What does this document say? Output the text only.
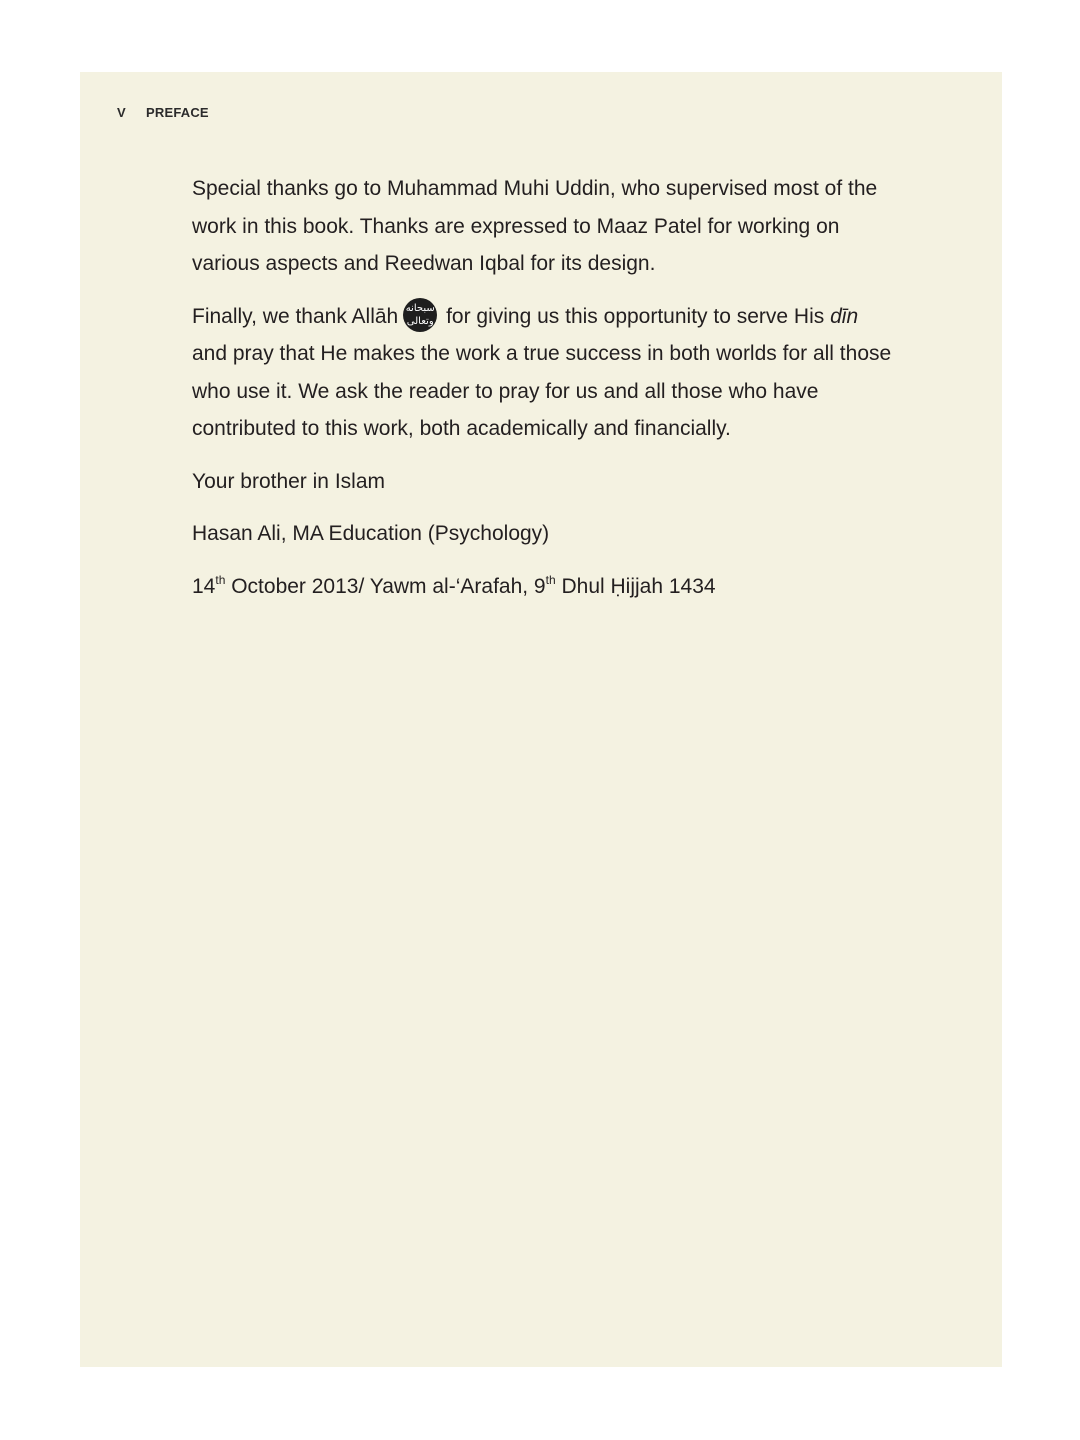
V PREFACE

Special thanks go to Muhammad Muhi Uddin, who supervised most of the work in this book. Thanks are expressed to Maaz Patel for working on various aspects and Reedwan Iqbal for its design.

Finally, we thank Allāh سبحانه
وتعالى for giving us this opportunity to serve His dīn and pray that He makes the work a true success in both worlds for all those who use it. We ask the reader to pray for us and all those who have contributed to this work, both academically and financially.

Your brother in Islam

Hasan Ali, MA Education (Psychology)

14th October 2013/ Yawm al-‘Arafah, 9th Dhul Ḥijjah 1434
